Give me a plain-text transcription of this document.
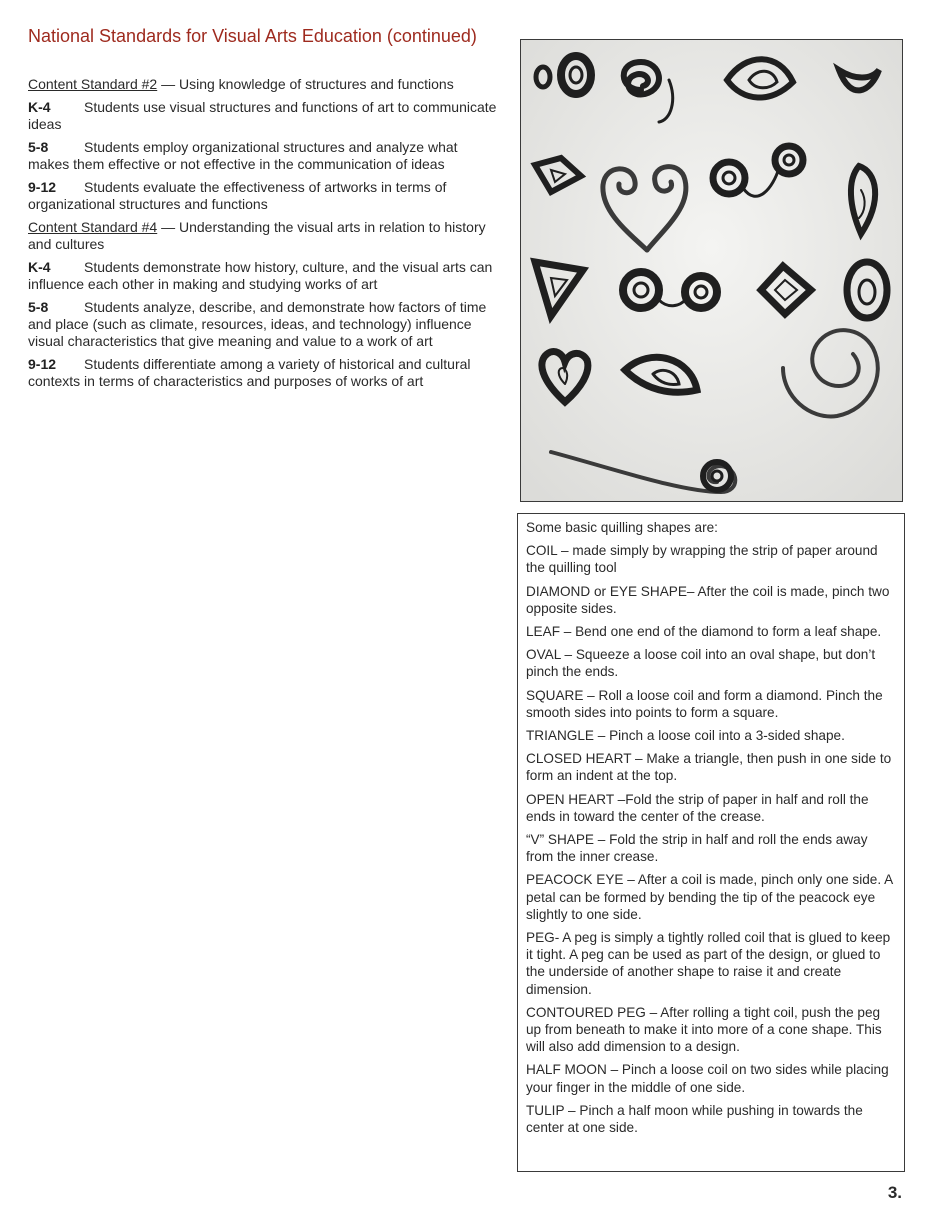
National Standards for Visual Arts Education (continued)

Content Standard #2 — Using knowledge of structures and functions

K-4 Students use visual structures and functions of art to communicate ideas

5-8	Students employ organizational structures and analyze what makes them effective or not effective in the communication of ideas

9-12 Students evaluate the effectiveness of artworks in terms of organizational structures and functions

Content Standard #4 — Understanding the visual arts in relation to history and cultures

K-4 Students demonstrate how history, culture, and the visual arts can influence each other in making and studying works of art

5-8	Students analyze, describe, and demonstrate how factors of time and place (such as climate, resources, ideas, and technology) influence visual characteristics that give meaning and value to a work of art

9-12 Students differentiate among a variety of historical and cultural contexts in terms of characteristics and purposes of works of art

Some basic quilling shapes are:

COIL – made simply by wrapping the strip of paper around the quilling tool

DIAMOND or EYE SHAPE– After the coil is made, pinch two opposite sides.

LEAF – Bend one end of the diamond to form a leaf shape.

OVAL – Squeeze a loose coil into an oval shape, but don’t pinch the ends.

SQUARE – Roll a loose coil and form a diamond. Pinch the smooth sides into points to form a square.

TRIANGLE – Pinch a loose coil into a 3-sided shape.

CLOSED HEART – Make a triangle, then push in one side to form an indent at the top.

OPEN HEART –Fold the strip of paper in half and roll the ends in toward the center of the crease.

“V” SHAPE – Fold the strip in half and roll the ends away from the inner crease.

PEACOCK EYE – After a coil is made, pinch only one side. A petal can be formed by bending the tip of the peacock eye slightly to one side.

PEG- A peg is simply a tightly rolled coil that is glued to keep it tight. A peg can be used as part of the design, or glued to the underside of another shape to raise it and create dimension.

CONTOURED PEG – After rolling a tight coil, push the peg up from beneath to make it into more of a cone shape. This will also add dimension to a design.

HALF MOON – Pinch a loose coil on two sides while placing your finger in the middle of one side.

TULIP – Pinch a half moon while pushing in towards the center at one side.

3.
